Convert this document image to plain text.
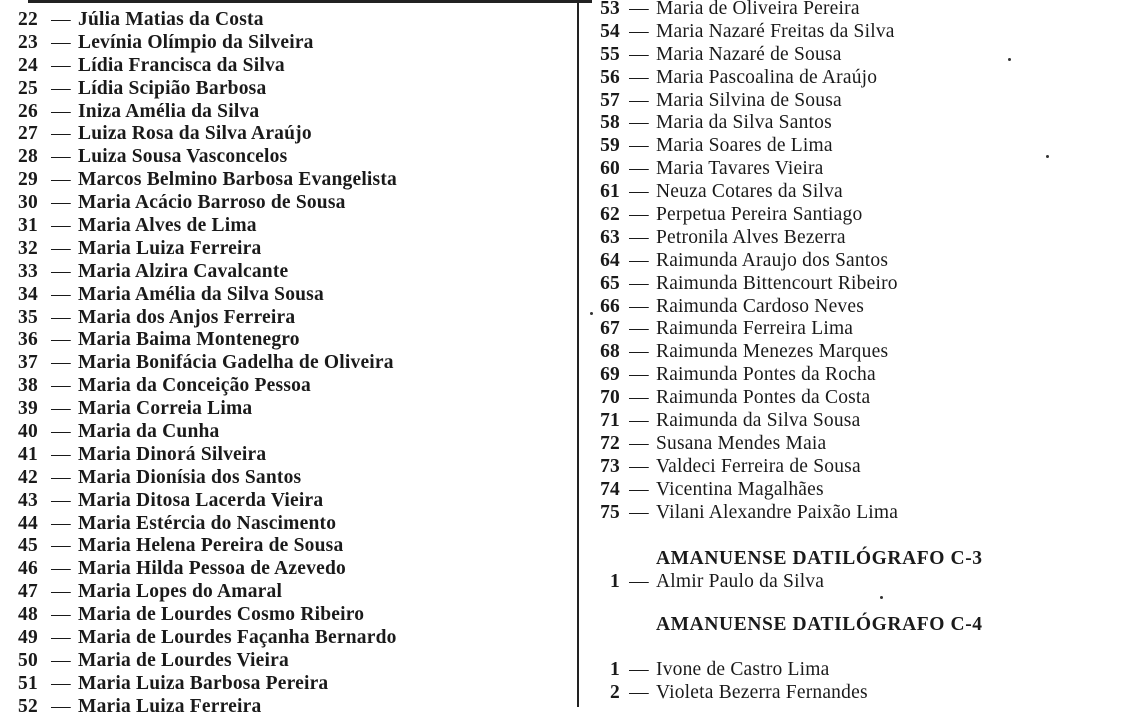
22 — Júlia Matias da Costa
23 — Levínia Olímpio da Silveira
24 — Lídia Francisca da Silva
25 — Lídia Scipião Barbosa
26 — Iniza Amélia da Silva
27 — Luiza Rosa da Silva Araújo
28 — Luiza Sousa Vasconcelos
29 — Marcos Belmino Barbosa Evangelista
30 — Maria Acácio Barroso de Sousa
31 — Maria Alves de Lima
32 — Maria Luiza Ferreira
33 — Maria Alzira Cavalcante
34 — Maria Amélia da Silva Sousa
35 — Maria dos Anjos Ferreira
36 — Maria Baima Montenegro
37 — Maria Bonifácia Gadelha de Oliveira
38 — Maria da Conceição Pessoa
39 — Maria Correia Lima
40 — Maria da Cunha
41 — Maria Dinorá Silveira
42 — Maria Dionísia dos Santos
43 — Maria Ditosa Lacerda Vieira
44 — Maria Estércia do Nascimento
45 — Maria Helena Pereira de Sousa
46 — Maria Hilda Pessoa de Azevedo
47 — Maria Lopes do Amaral
48 — Maria de Lourdes Cosmo Ribeiro
49 — Maria de Lourdes Façanha Bernardo
50 — Maria de Lourdes Vieira
51 — Maria Luiza Barbosa Pereira
52 — Maria Luiza Ferreira
53 — Maria de Oliveira Pereira
54 — Maria Nazaré Freitas da Silva
55 — Maria Nazaré de Sousa
56 — Maria Pascoalina de Araújo
57 — Maria Silvina de Sousa
58 — Maria da Silva Santos
59 — Maria Soares de Lima
60 — Maria Tavares Vieira
61 — Neuza Cotares da Silva
62 — Perpetua Pereira Santiago
63 — Petronila Alves Bezerra
64 — Raimunda Araujo dos Santos
65 — Raimunda Bittencourt Ribeiro
66 — Raimunda Cardoso Neves
67 — Raimunda Ferreira Lima
68 — Raimunda Menezes Marques
69 — Raimunda Pontes da Rocha
70 — Raimunda Pontes da Costa
71 — Raimunda da Silva Sousa
72 — Susana Mendes Maia
73 — Valdeci Ferreira de Sousa
74 — Vicentina Magalhães
75 — Vilani Alexandre Paixão Lima
AMANUENSE DATILÓGRAFO C-3
1 — Almir Paulo da Silva
AMANUENSE DATILÓGRAFO C-4
1 — Ivone de Castro Lima
2 — Violeta Bezerra Fernandes
